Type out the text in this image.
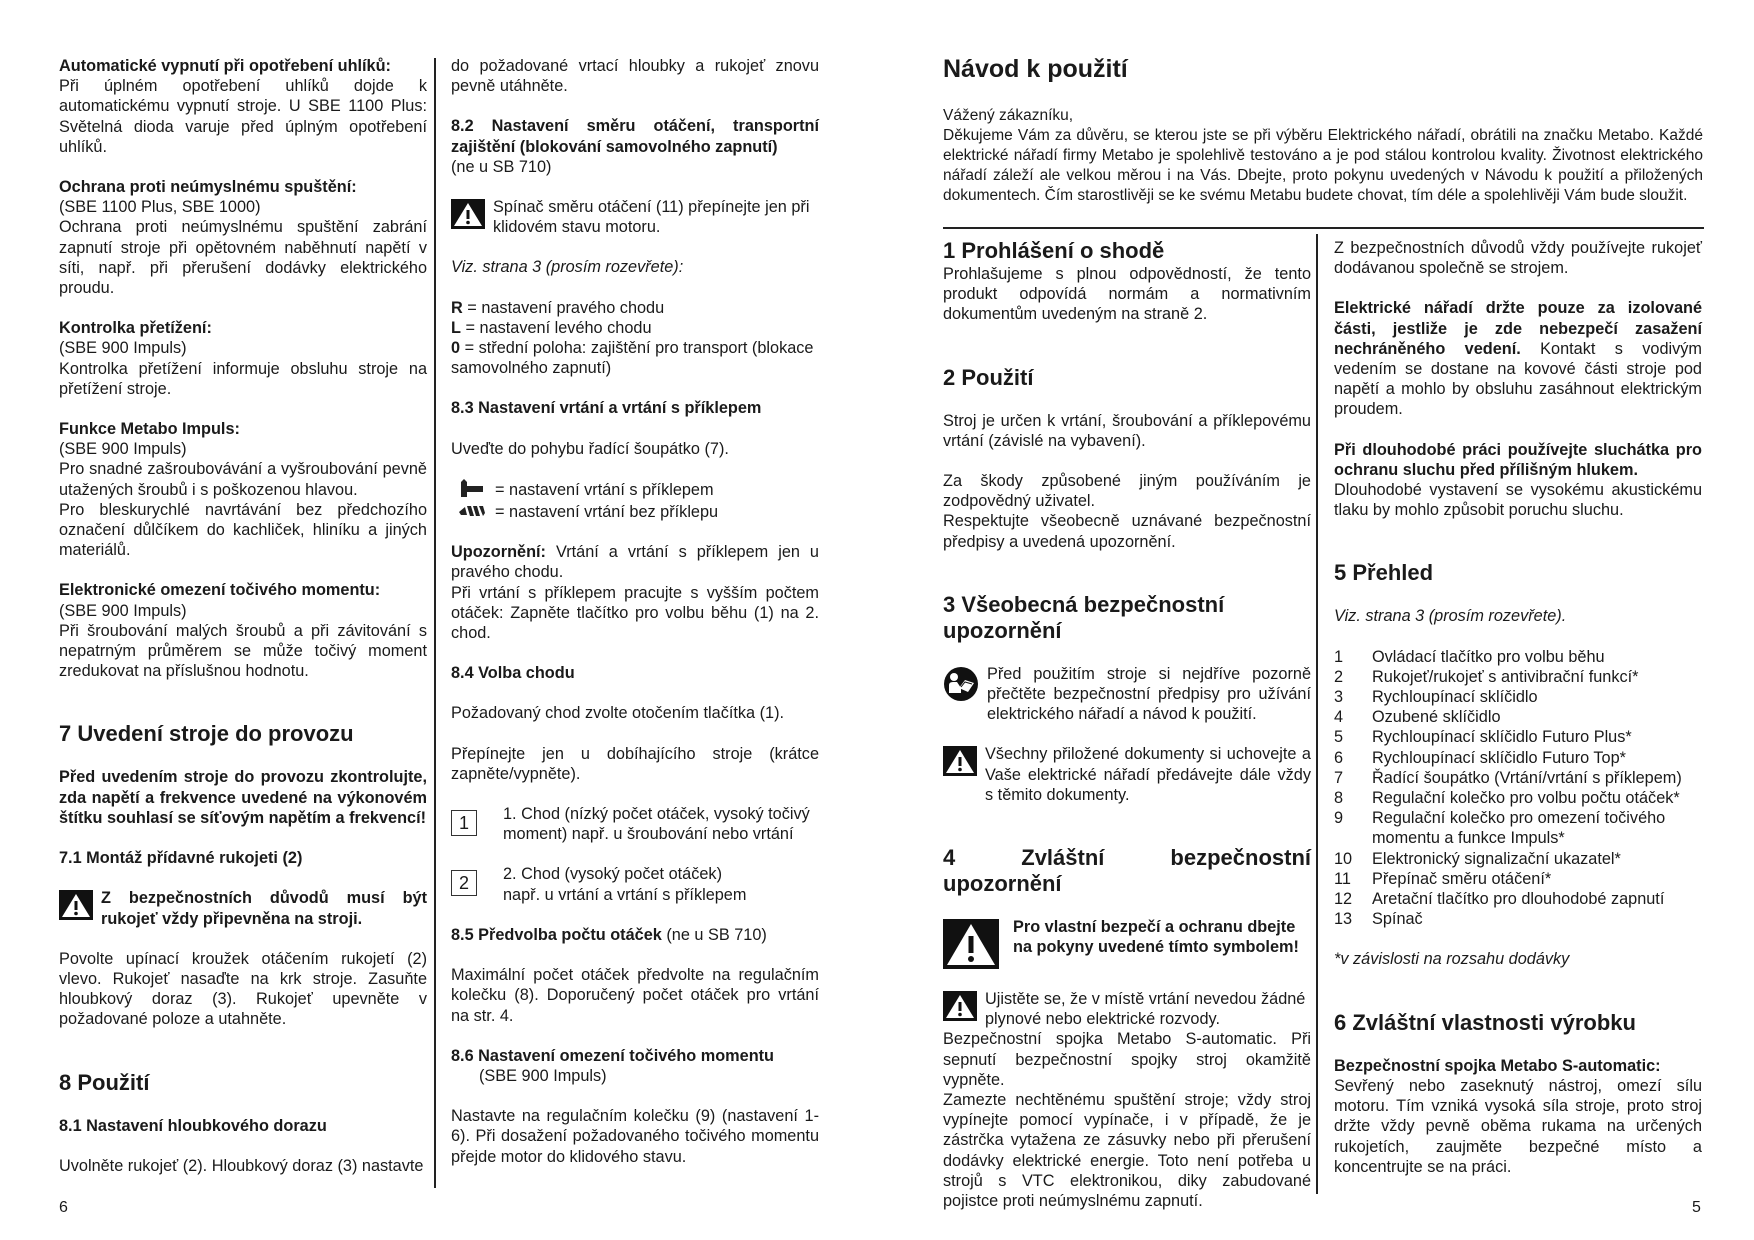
Automatické vypnutí při opotřebení uhlíků:

Při úplném opotřebení uhlíků dojde k automatickému vypnutí stroje. U SBE 1100 Plus: Světelná dioda varuje před úplným opotřebení uhlíků.

Ochrana proti neúmyslnému spuštění:

(SBE 1100 Plus, SBE 1000)

Ochrana proti neúmyslnému spuštění zabrání zapnutí stroje při opětovném naběhnutí napětí v síti, např. při přerušení dodávky elektrického proudu.

Kontrolka přetížení:

(SBE 900 Impuls)

Kontrolka přetížení informuje obsluhu stroje na přetížení stroje.

Funkce Metabo Impuls:

(SBE 900 Impuls)

Pro snadné zašroubovávání a vyšroubování pevně utažených šroubů i s poškozenou hlavou.

Pro bleskurychlé navrtávání bez předchozího označení důlčíkem do kachliček, hliníku a jiných materiálů.

Elektronické omezení točivého momentu:

(SBE 900 Impuls)

Při šroubování malých šroubů a při závitování s nepatrným průměrem se může točivý moment zredukovat na příslušnou hodnotu.

7 Uvedení stroje do provozu

Před uvedením stroje do provozu zkontrolujte, zda napětí a frekvence uvedené na výkonovém štítku souhlasí se síťovým napětím a frekvencí!

7.1 Montáž přídavné rukojeti (2)

Z bezpečnostních důvodů musí být rukojeť vždy připevněna na stroji.

Povolte upínací kroužek otáčením rukojetí (2) vlevo. Rukojeť nasaďte na krk stroje. Zasuňte hloubkový doraz (3). Rukojeť upevněte v požadované poloze a utahněte.

8 Použití

8.1 Nastavení hloubkového dorazu

Uvolněte rukojeť (2). Hloubkový doraz (3) nastavte

do požadované vrtací hloubky a rukojeť znovu pevně utáhněte.

8.2 Nastavení směru otáčení, transportní zajištění (blokování samovolného zapnutí)

(ne u SB 710)

Spínač směru otáčení (11) přepínejte jen při klidovém stavu motoru.

Viz. strana 3 (prosím rozevřete):

R = nastavení pravého chodu

L = nastavení levého chodu

0 = střední poloha: zajištění pro transport (blokace samovolného zapnutí)

8.3 Nastavení vrtání a vrtání s příklepem

Uveďte do pohybu řadící šoupátko (7).

= nastavení vrtání s příklepem
= nastavení vrtání bez příklepu

Upozornění: Vrtání a vrtání s příklepem jen u pravého chodu.

Při vrtání s příklepem pracujte s vyšším počtem otáček: Zapněte tlačítko pro volbu běhu (1) na 2. chod.

8.4 Volba chodu

Požadovaný chod zvolte otočením tlačítka (1).

Přepínejte jen u dobíhajícího stroje (krátce zapněte/vypněte).

1	1. Chod (nízký počet otáček, vysoký točivý

moment) např. u šroubování nebo vrtání

2	2. Chod (vysoký počet otáček)

např. u vrtání a vrtání s příklepem

8.5 Předvolba počtu otáček (ne u SB 710)

Maximální počet otáček předvolte na regulačním kolečku (8). Doporučený počet otáček pro vrtání na str. 4.

8.6 Nastavení omezení točivého momentu

(SBE 900 Impuls)

Nastavte na regulačním kolečku (9) (nastavení 1-6). Při dosažení požadovaného točivého momentu přejde motor do klidového stavu.

6

Návod k použití

Vážený zákazníku,

Děkujeme Vám za důvěru, se kterou jste se při výběru Elektrického nářadí, obrátili na značku Metabo. Každé elektrické nářadí firmy Metabo je spolehlivě testováno a je pod stálou kontrolou kvality. Životnost elektrického nářadí záleží ale velkou měrou i na Vás. Dbejte, proto pokynu uvedených v Návodu k použití a přiložených dokumentech. Čím starostlivěji se ke svému Metabu budete chovat, tím déle a spolehlivěji Vám bude sloužit.

1 Prohlášení o shodě

Prohlašujeme s plnou odpovědností, že tento produkt odpovídá normám a normativním dokumentům uvedeným na straně 2.

2 Použití

Stroj je určen k vrtání, šroubování a příklepovému vrtání (závislé na vybavení).

Za škody způsobené jiným používáním je zodpovědný uživatel.

Respektujte všeobecně uznávané bezpečnostní předpisy a uvedená upozornění.

3 Všeobecná bezpečnostní upozornění

Před použitím stroje si nejdříve pozorně přečtěte bezpečnostní předpisy pro užívání elektrického nářadí a návod k použití.

Všechny přiložené dokumenty si uchovejte a Vaše elektrické nářadí předávejte dále vždy s těmito dokumenty.

4 Zvláštní bezpečnostní upozornění

Pro vlastní bezpečí a ochranu dbejte na pokyny uvedené tímto symbolem!

Ujistěte se, že v místě vrtání nevedou žádné plynové nebo elektrické rozvody.

Bezpečnostní spojka Metabo S-automatic. Při sepnutí bezpečnostní spojky stroj okamžitě vypněte.

Zamezte nechtěnému spuštění stroje; vždy stroj vypínejte pomocí vypínače, i v případě, že je zástrčka vytažena ze zásuvky nebo při přerušení dodávky elektrické energie. Toto není potřeba u strojů s VTC elektronikou, diky zabudované pojistce proti neúmyslnému zapnutí.

Z bezpečnostních důvodů vždy používejte rukojeť dodávanou společně se strojem.

Elektrické nářadí držte pouze za izolované části, jestliže je zde nebezpečí zasažení nechráněného vedení. Kontakt s vodivým vedením se dostane na kovové části stroje pod napětí a mohlo by obsluhu zasáhnout elektrickým proudem.

Při dlouhodobé práci používejte sluchátka pro ochranu sluchu před přílišným hlukem.

Dlouhodobé vystavení se vysokému akustickému tlaku by mohlo způsobit poruchu sluchu.

5 Přehled

Viz. strana 3 (prosím rozevřete).

1	Ovládací tlačítko pro volbu běhu
2	Rukojeť/rukojeť s antivibrační funkcí*
3	Rychloupínací sklíčidlo
4	Ozubené sklíčidlo
5	Rychloupínací sklíčidlo Futuro Plus*
6	Rychloupínací sklíčidlo Futuro Top*
7	Řadící šoupátko (Vrtání/vrtání s příklepem)
8	Regulační kolečko pro volbu počtu otáček*
9	Regulační kolečko pro omezení točivého momentu a funkce Impuls*
10	Elektronický signalizační ukazatel*
11	Přepínač směru otáčení*
12	Aretační tlačítko pro dlouhodobé zapnutí
13	Spínač

*v závislosti na rozsahu dodávky

6 Zvláštní vlastnosti výrobku

Bezpečnostní spojka Metabo S-automatic:

Sevřený nebo zaseknutý nástroj, omezí sílu motoru. Tím vzniká vysoká síla stroje, proto stroj držte vždy pevně oběma rukama na určených rukojetích, zaujměte bezpečné místo a koncentrujte se na práci.

5
